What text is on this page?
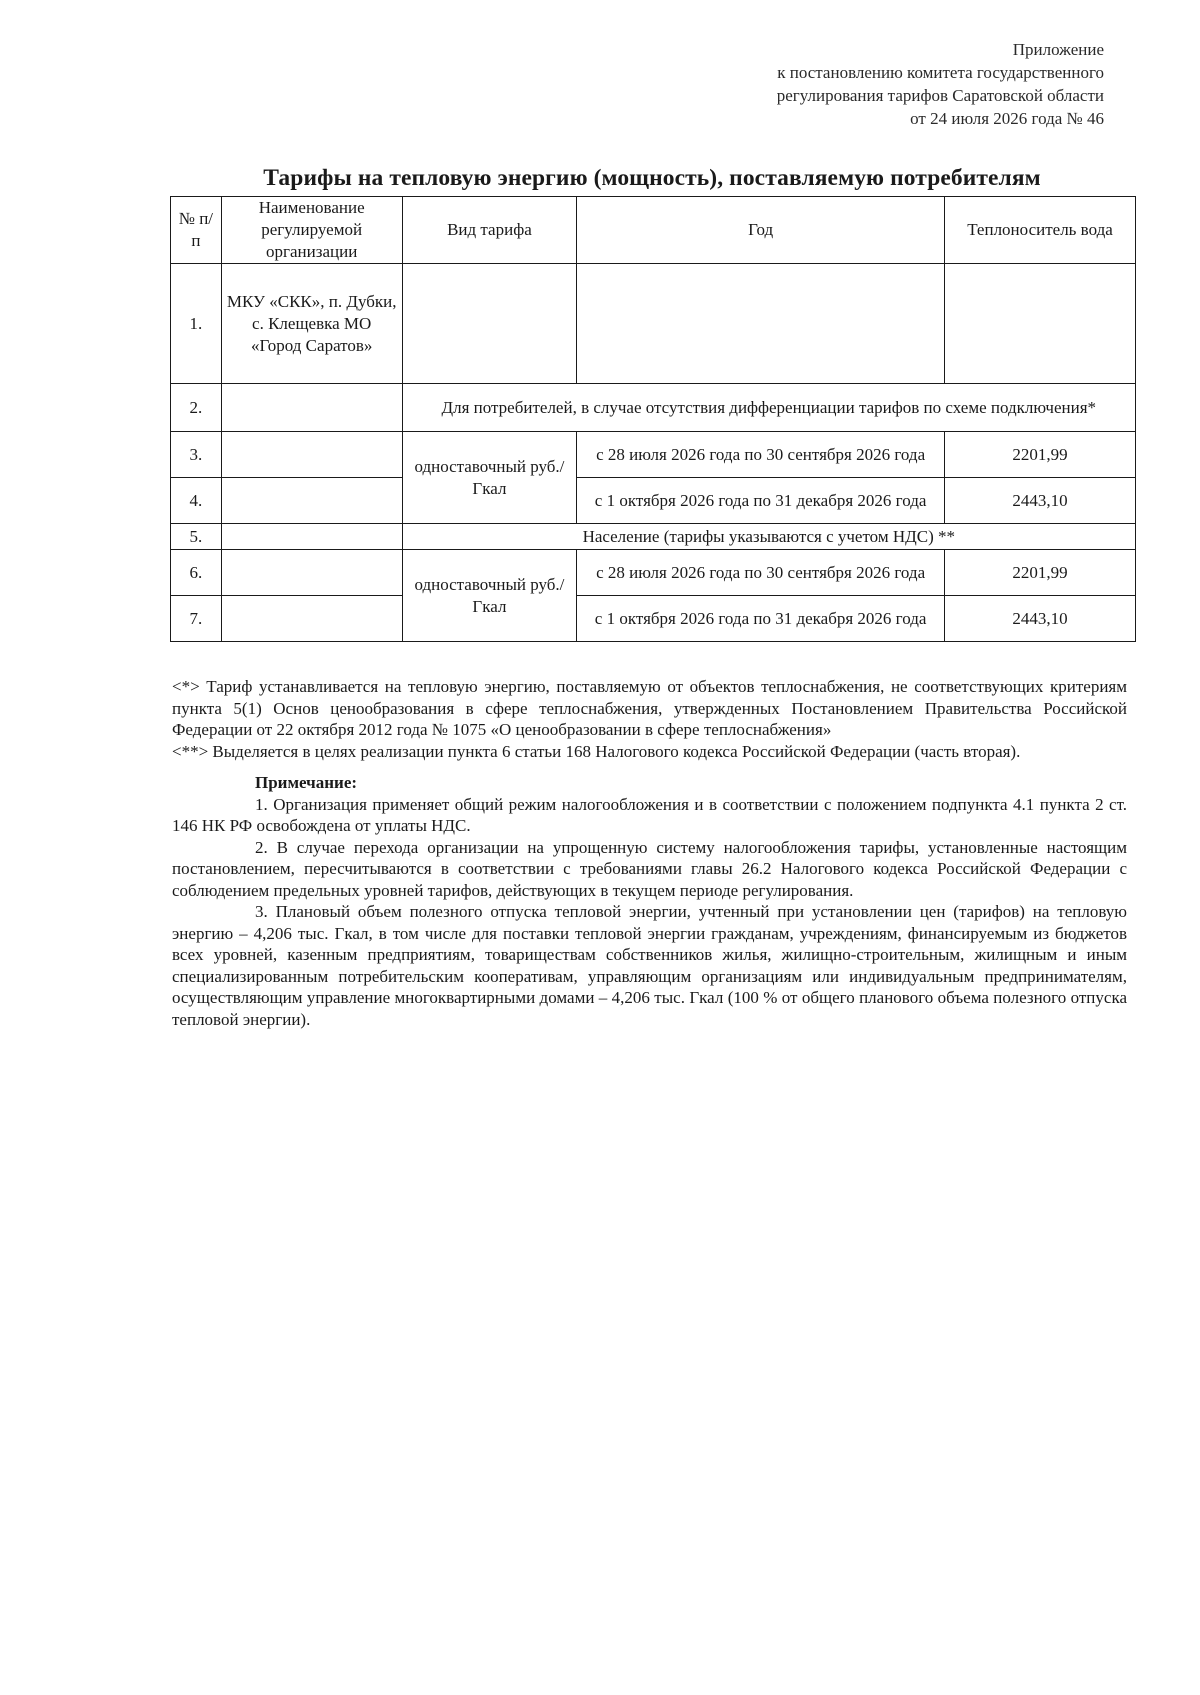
Приложение
к постановлению комитета государственного
регулирования тарифов Саратовской области
от 24 июля 2026 года № 46
Тарифы на тепловую энергию (мощность), поставляемую потребителям
№ п/п	Наименование регулируемой организации	Вид тарифа	Год	Теплоноситель вода
1.	МКУ «СКК», п. Дубки, с. Клещевка МО «Город Саратов»			
2.		Для потребителей, в случае отсутствия дифференциации тарифов по схеме подключения*		
3.		одноставочный руб./Гкал	с 28 июля 2026 года по 30 сентября 2026 года	2201,99
4.			с 1 октября 2026 года по 31 декабря 2026 года	2443,10
5.		Население (тарифы указываются с учетом НДС) **		
6.		одноставочный руб./Гкал	с 28 июля 2026 года по 30 сентября 2026 года	2201,99
7.			с 1 октября 2026 года по 31 декабря 2026 года	2443,10

<*> Тариф устанавливается на тепловую энергию, поставляемую от объектов теплоснабжения, не соответствующих критериям пункта 5(1) Основ ценообразования в сфере теплоснабжения, утвержденных Постановлением Правительства Российской Федерации от 22 октября 2012 года № 1075 «О ценообразовании в сфере теплоснабжения»

<**> Выделяется в целях реализации пункта 6 статьи 168 Налогового кодекса Российской Федерации (часть вторая).

Примечание:

1. Организация применяет общий режим налогообложения и в соответствии с положением подпункта 4.1 пункта 2 ст. 146 НК РФ освобождена от уплаты НДС.

2. В случае перехода организации на упрощенную систему налогообложения тарифы, установленные настоящим постановлением, пересчитываются в соответствии с требованиями главы 26.2 Налогового кодекса Российской Федерации с соблюдением предельных уровней тарифов, действующих в текущем периоде регулирования.

3. Плановый объем полезного отпуска тепловой энергии, учтенный при установлении цен (тарифов) на тепловую энергию – 4,206 тыс. Гкал, в том числе для поставки тепловой энергии гражданам, учреждениям, финансируемым из бюджетов всех уровней, казенным предприятиям, товариществам собственников жилья, жилищно-строительным, жилищным и иным специализированным потребительским кооперативам, управляющим организациям или индивидуальным предпринимателям, осуществляющим управление многоквартирными домами – 4,206 тыс. Гкал (100 % от общего планового объема полезного отпуска тепловой энергии).
